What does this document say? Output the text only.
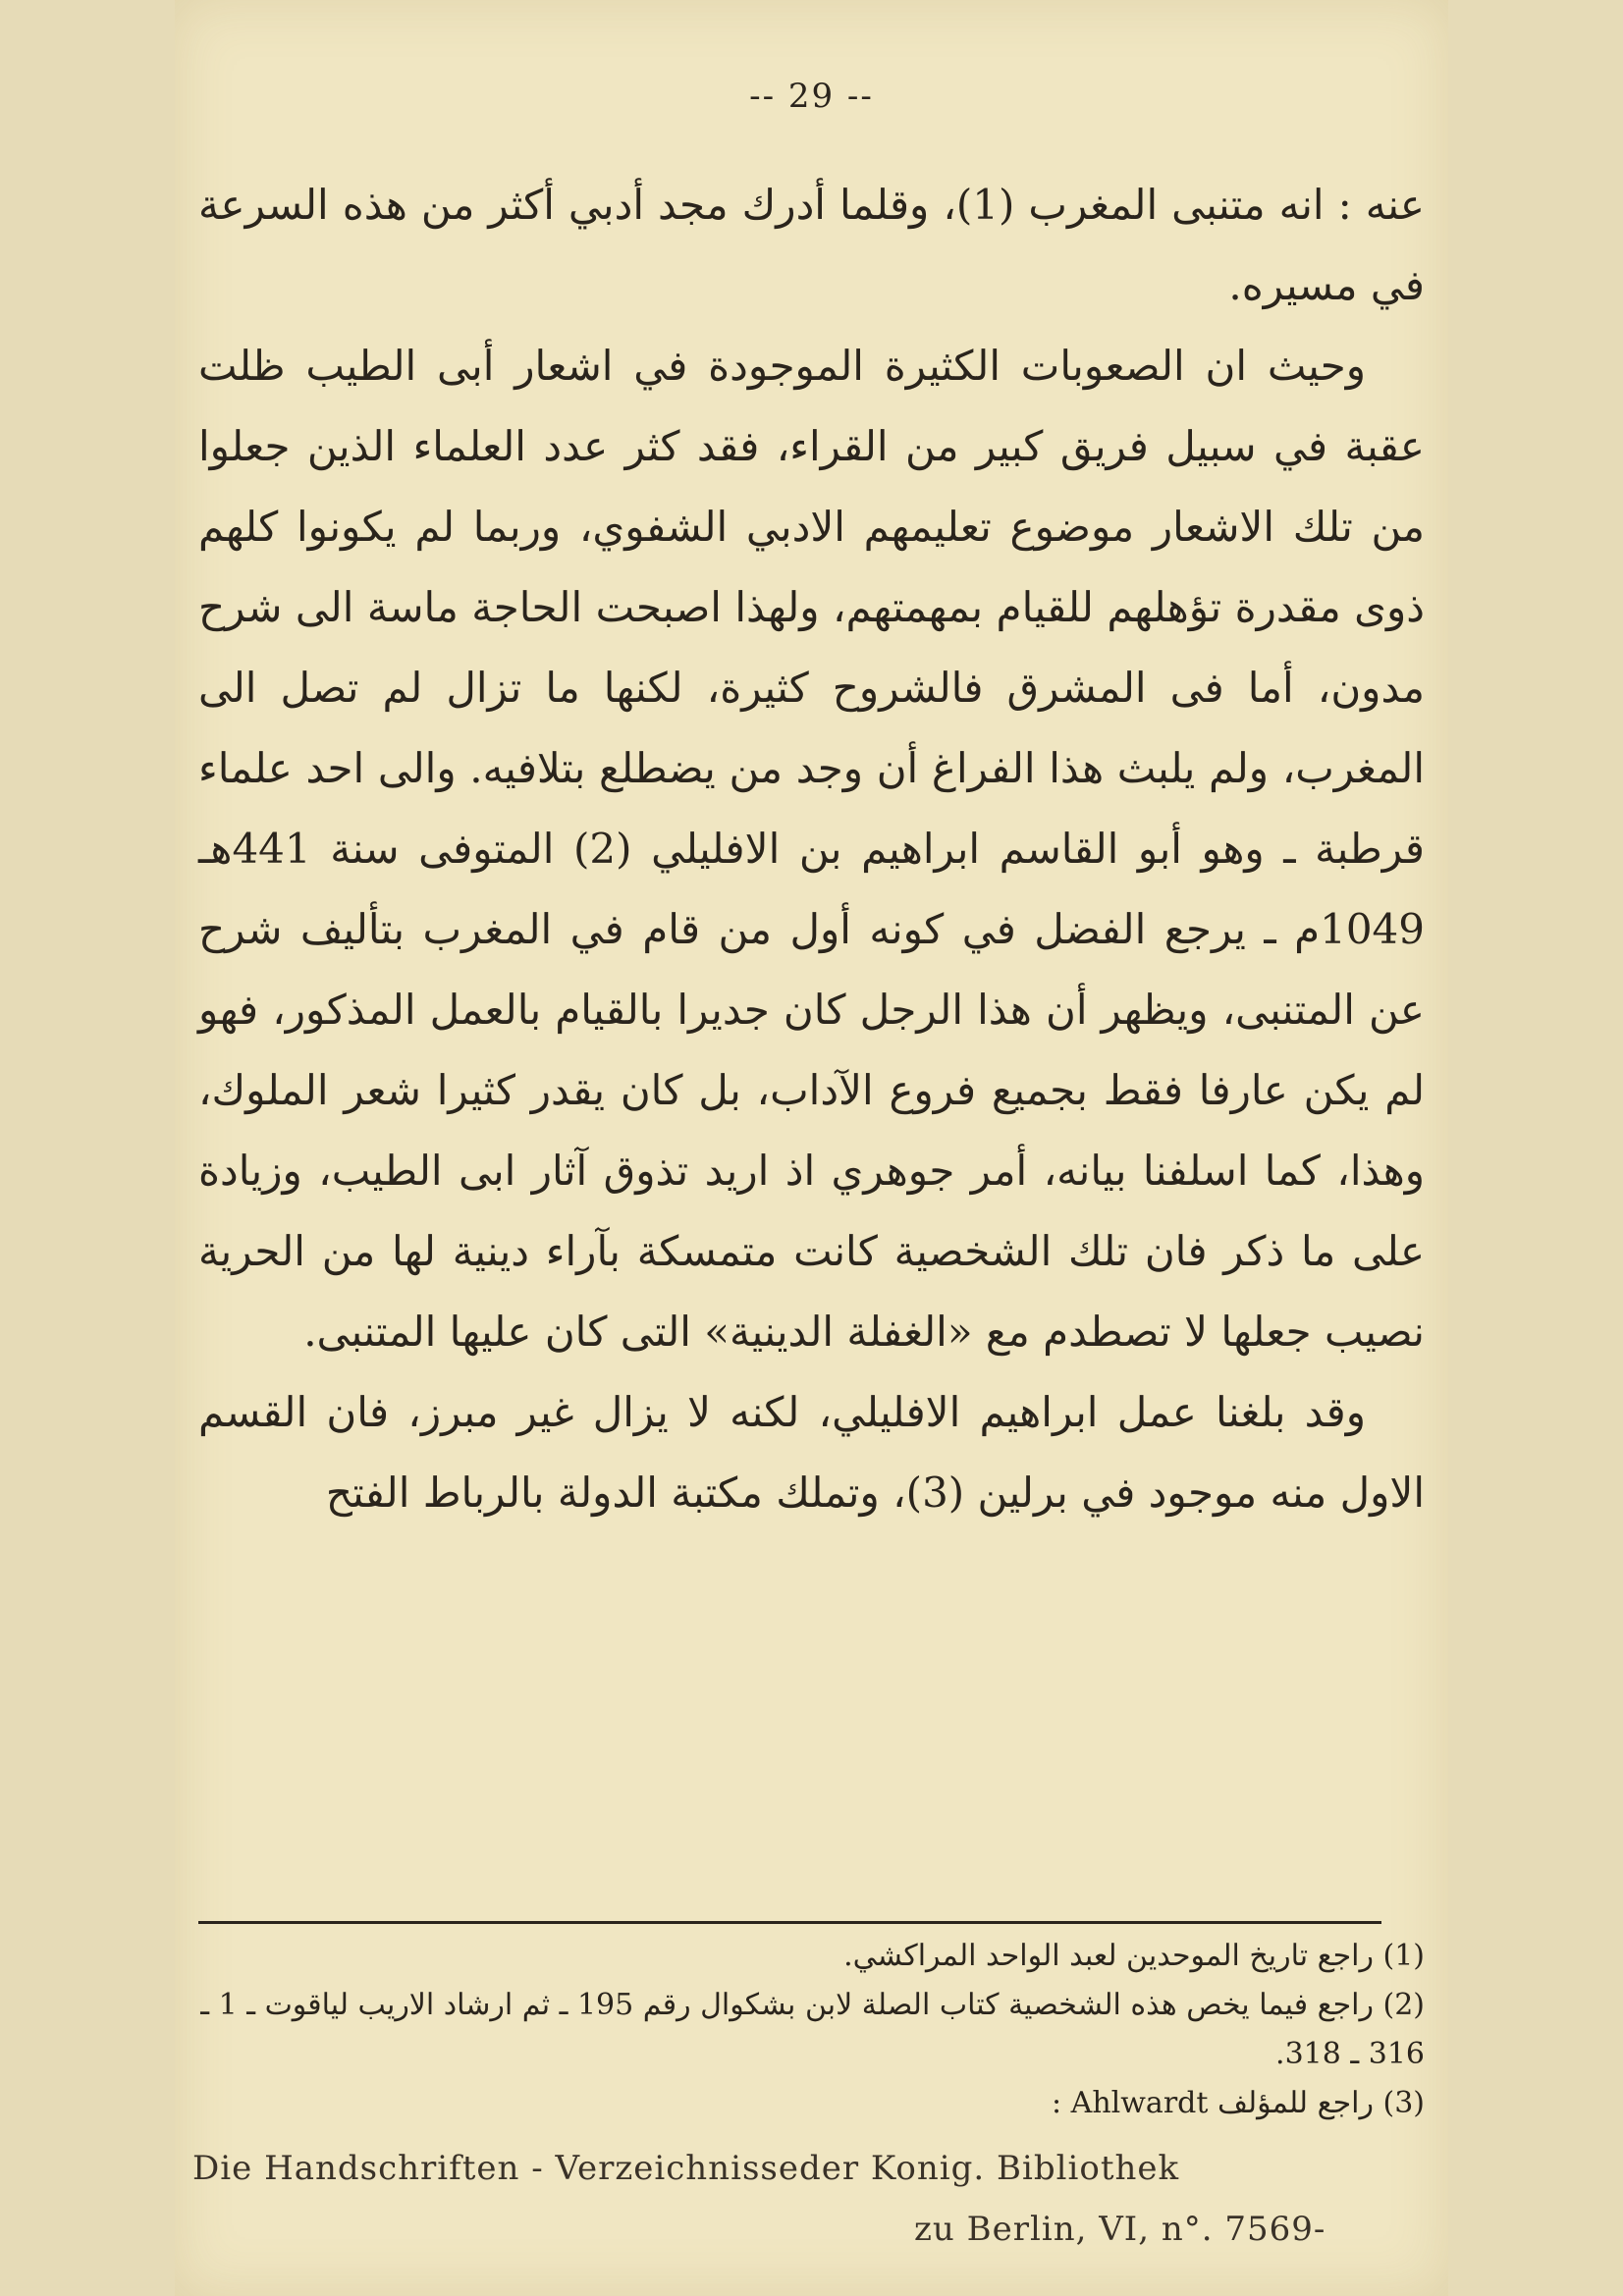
-- 29 --

عنه : انه متنبى المغرب (1)، وقلما أدرك مجد أدبي أكثر من هذه السرعة في مسيره.

وحيث ان الصعوبات الكثيرة الموجودة في اشعار أبى الطيب ظلت عقبة في سبيل فريق كبير من القراء، فقد كثر عدد العلماء الذين جعلوا من تلك الاشعار موضوع تعليمهم الادبي الشفوي، وربما لم يكونوا كلهم ذوى مقدرة تؤهلهم للقيام بمهمتهم، ولهذا اصبحت الحاجة ماسة الى شرح مدون، أما فى المشرق فالشروح كثيرة، لكنها ما تزال لم تصل الى المغرب، ولم يلبث هذا الفراغ أن وجد من يضطلع بتلافيه. والى احد علماء قرطبة ـ وهو أبو القاسم ابراهيم بن الافليلي (2) المتوفى سنة 441هـ 1049م ـ يرجع الفضل في كونه أول من قام في المغرب بتأليف شرح عن المتنبى، ويظهر أن هذا الرجل كان جديرا بالقيام بالعمل المذكور، فهو لم يكن عارفا فقط بجميع فروع الآداب، بل كان يقدر كثيرا شعر الملوك، وهذا، كما اسلفنا بيانه، أمر جوهري اذ اريد تذوق آثار ابى الطيب، وزيادة على ما ذكر فان تلك الشخصية كانت متمسكة بآراء دينية لها من الحرية نصيب جعلها لا تصطدم مع «الغفلة الدينية» التى كان عليها المتنبى.

وقد بلغنا عمل ابراهيم الافليلي، لكنه لا يزال غير مبرز، فان القسم الاول منه موجود في برلين (3)، وتملك مكتبة الدولة بالرباط الفتح

(1) راجع تاريخ الموحدين لعبد الواحد المراكشي.

(2) راجع فيما يخص هذه الشخصية كتاب الصلة لابن بشكوال رقم 195 ـ ثم ارشاد الاريب لياقوت ـ 1 ـ 316 ـ 318.

(3) راجع للمؤلف Ahlwardt :

Die Handschriften - Verzeichnisseder Konig. Bibliothek
zu Berlin, VI, n°. 7569-
